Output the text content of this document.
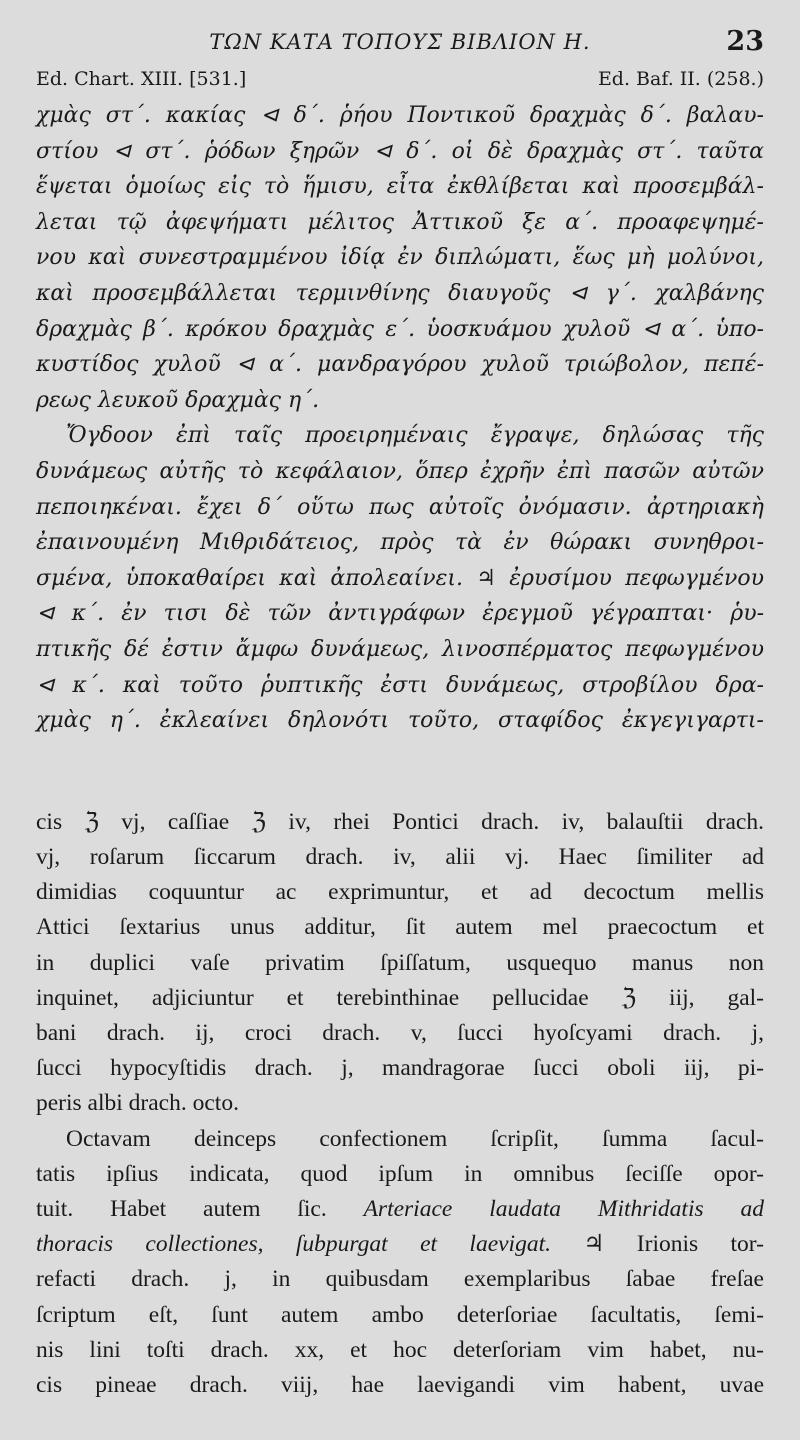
ΤΩΝ ΚΑΤΑ ΤΟΠΟΥΣ ΒΙΒΛΙΟΝ Η.	23
Ed. Chart. XIII. [531.]	Ed. Baf. II. (258.)
χμὰς στ΄. κακίας ⊲ δ΄. ῥήου Ποντικοῦ δραχμὰς δ΄. βαλαυ-
στίου ⊲ στ΄. ῥόδων ξηρῶν ⊲ δ΄. οἱ δὲ δραχμὰς στ΄. ταῦτα
ἕψεται ὁμοίως εἰς τὸ ἥμισυ, εἶτα ἐκθλίβεται καὶ προσεμβάλ-
λεται τῷ ἀφεψήματι μέλιτος Ἀττικοῦ ξε α΄. προαφεψημέ-
νου καὶ συνεστραμμένου ἰδίᾳ ἐν διπλώματι, ἕως μὴ μολύνοι,
καὶ προσεμβάλλεται τερμινθίνης διαυγοῦς ⊲ γ΄. χαλβάνης
δραχμὰς β΄. κρόκου δραχμὰς ε΄. ὑοσκυάμου χυλοῦ ⊲ α΄. ὑπο-
κυστίδος χυλοῦ ⊲ α΄. μανδραγόρου χυλοῦ τριώβολον, πεπέ-
ρεως λευκοῦ δραχμὰς η΄.
Ὄγδοον ἐπὶ ταῖς προειρημέναις ἔγραψε, δηλώσας τῆς
δυνάμεως αὐτῆς τὸ κεφάλαιον, ὅπερ ἐχρῆν ἐπὶ πασῶν αὐτῶν
πεποιηκέναι. ἔχει δ΄ οὕτω πως αὐτοῖς ὀνόμασιν. ἀρτηριακὴ
ἐπαινουμένη Μιθριδάτειος, πρὸς τὰ ἐν θώρακι συνηθροι-
σμένα, ὑποκαθαίρει καὶ ἀπολεαίνει. ♃ ἐρυσίμου πεφωγμένου
⊲ κ΄. ἐν τισι δὲ τῶν ἀντιγράφων ἐρεγμοῦ γέγραπται· ῥυ-
πτικῆς δέ ἐστιν ἄμφω δυνάμεως, λινοσπέρματος πεφωγμένου
⊲ κ΄. καὶ τοῦτο ῥυπτικῆς ἐστι δυνάμεως, στροβίλου δρα-
χμὰς η΄. ἐκλεαίνει δηλονότι τοῦτο, σταφίδος ἐκγεγιγαρτι-
cis ℨ vj, caſſiae ℨ iv, rhei Pontici drach. iv, balauſtii drach.
vj, roſarum ſiccarum drach. iv, alii vj. Haec ſimiliter ad
dimidias coquuntur ac exprimuntur, et ad decoctum mellis
Attici ſextarius unus additur, ſit autem mel praecoctum et
in duplici vaſe privatim ſpiſſatum, usquequo manus non
inquinet, adjiciuntur et terebinthinae pellucidae ℨ iij, gal-
bani drach. ij, croci drach. v, ſucci hyoſcyami drach. j,
ſucci hypocyſtidis drach. j, mandragorae ſucci oboli iij, pi-
peris albi drach. octo.
Octavam deinceps confectionem ſcripſit, ſumma ſacul-
tatis ipſius indicata, quod ipſum in omnibus ſeciſſe opor-
tuit. Habet autem ſic. Arteriace laudata Mithridatis ad
thoracis collectiones, ſubpurgat et laevigat. ♃ Irionis tor-
refacti drach. j, in quibusdam exemplaribus ſabae freſae
ſcriptum eſt, ſunt autem ambo deterſoriae ſacultatis, ſemi-
nis lini toſti drach. xx, et hoc deterſoriam vim habet, nu-
cis pineae drach. viij, hae laevigandi vim habent, uvae
